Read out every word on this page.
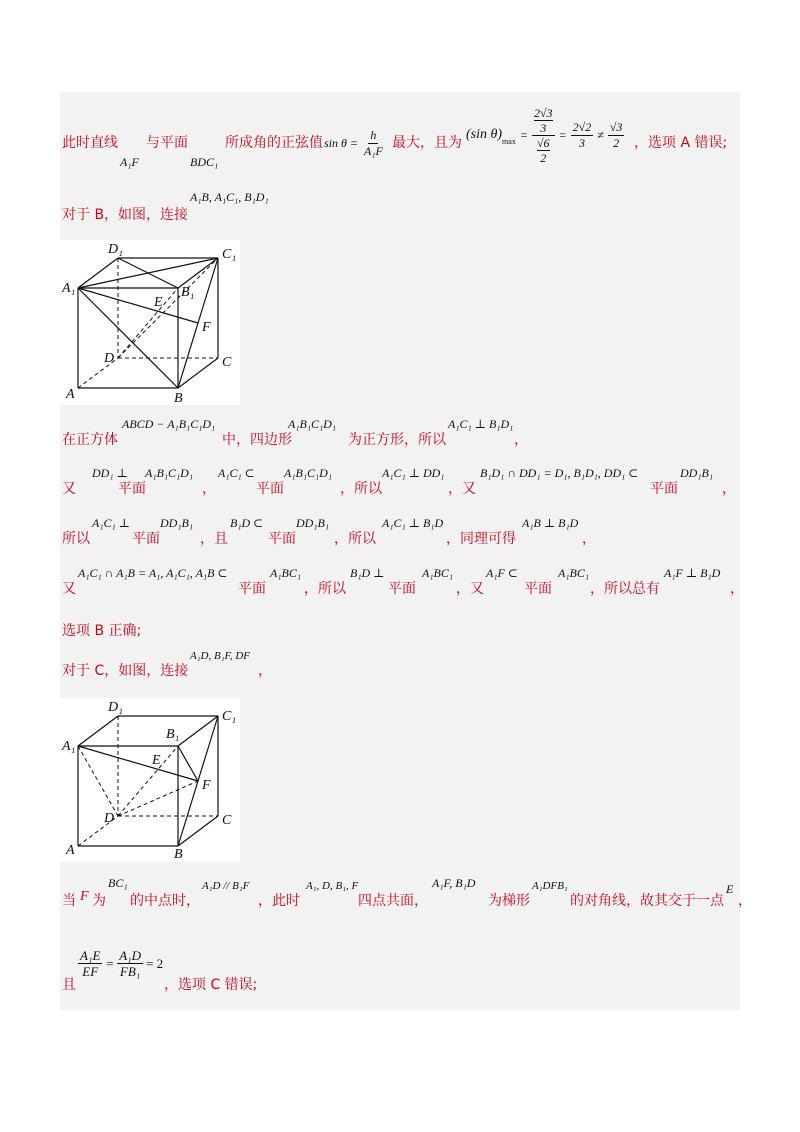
此时直线
A₁F
与平面
BDC₁
所成角的正弦值 $\sin \theta = \frac{h}{\text{A₁F}}$ 最大，且为
(sin θ) $\max = \frac{\frac{2√3}{3}}{\frac{√6}{2}} = \frac{2√2}{3} \ne \frac{√3}{2}$ ，选项 A 错误;
对于 B，如图，连接
A₁B, A₁C₁, B₁D₁
D₁	C₁
A₁	B₁
E
F
D	C
A	B
在正方体
ABCD − A₁B₁C₁D₁
中，四边形
A₁B₁C₁D₁
为正方形，所以
A₁C₁ ⊥ B₁D₁
，
又
DD₁ ⊥
平面
A₁B₁C₁D₁
，
A₁C₁ ⊂
平面
A₁B₁C₁D₁
，所以
A₁C₁ ⊥ DD₁
，又
B₁D₁ ∩ DD₁ = D₁, B₁D₁, DD₁ ⊂
平面
DD₁B₁
，
所以
A₁C₁ ⊥
平面
DD₁B₁
，且
B₁D ⊂
平面
DD₁B₁
，所以
A₁C₁ ⊥ B₁D
，同理可得
A₁B ⊥ B₁D
，
又
A₁C₁ ∩ A₁B = A₁, A₁C₁, A₁B ⊂
平面
A₁BC₁
，所以
B₁D ⊥
平面
A₁BC₁
，又
A₁F ⊂
平面
A₁BC₁
，所以总有
A₁F ⊥ B₁D
，
选项 B 正确;
对于 C，如图，连接
A₁D, B₁F, DF
，
D₁
C₁
A₁
B₁
E
F
D	C
A	B
当 F 为
BC₁
的中点时，
A₁D // B₁F
，此时
A₁, D, B₁, F
四点共面，
A₁F, B₁D
为梯形
A₁DFB₁
的对角线，故其交于一点
E
，
且
$\frac{\text{A₁E}}{EF} = \frac{\text{A₁D}}{\text{FB₁}} = 2$
，选项 C 错误;
